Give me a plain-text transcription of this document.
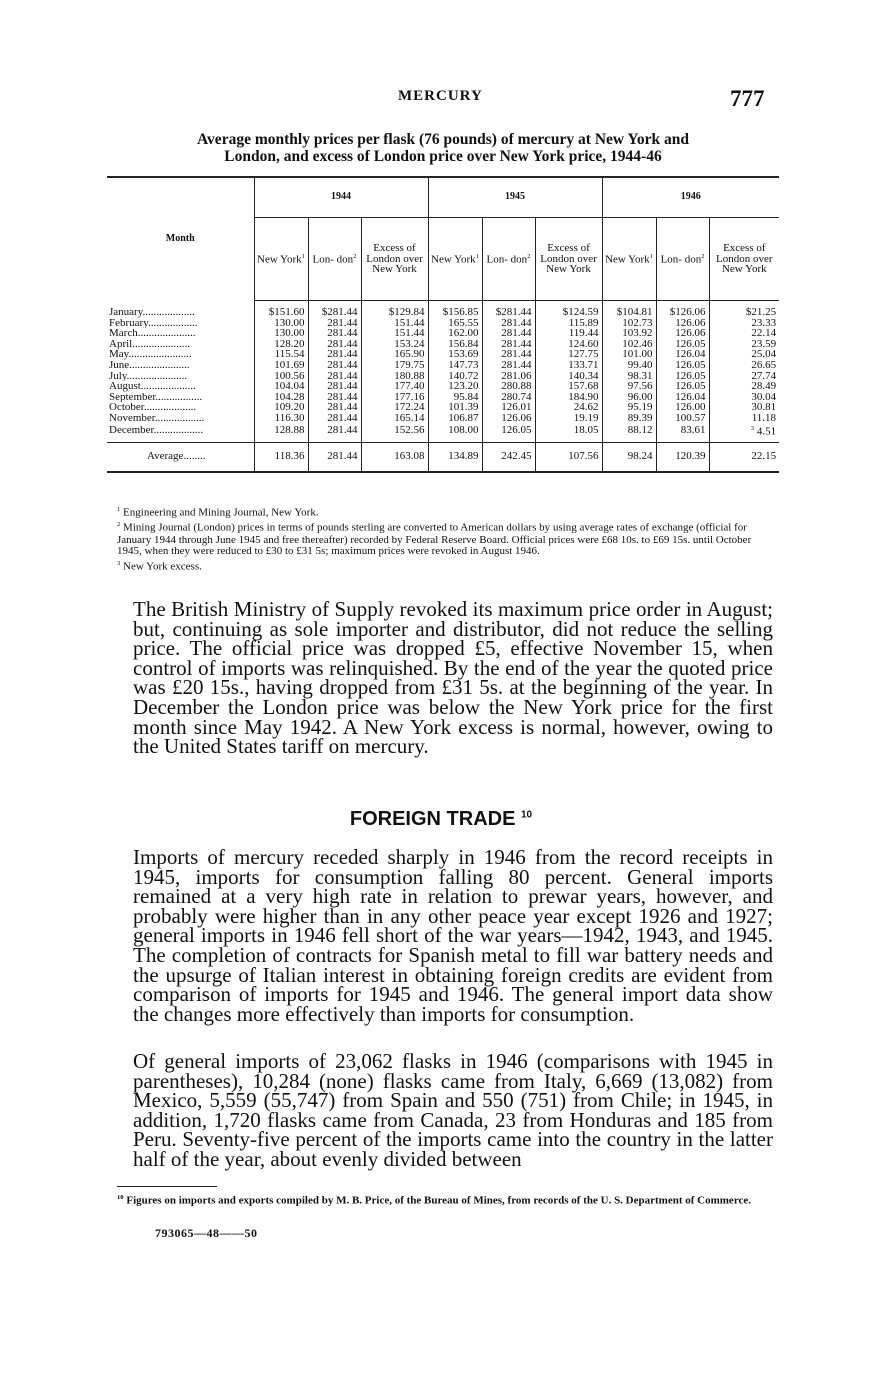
MERCURY	777
Average monthly prices per flask (76 pounds) of mercury at New York and
London, and excess of London price over New York price, 1944-46
Month	1944			1945			1946		
	New York$^1$	Lon- don$^2$	Excess of London over New York	New York$^1$	Lon- don$^2$	Excess of London over New York	New York$^1$	Lon- don$^2$	Excess of London over New York
January...................	$151.60	$281.44	$129.84	$156.85	$281.44	$124.59	$104.81	$126.06	$21.25
February..................	130.00	281.44	151.44	165.55	281.44	115.89	102.73	126.06	23.33
March.....................	130.00	281.44	151.44	162.00	281.44	119.44	103.92	126.06	22.14
April.....................	128.20	281.44	153.24	156.84	281.44	124.60	102.46	126.05	23.59
May.......................	115.54	281.44	165.90	153.69	281.44	127.75	101.00	126.04	25.04
June......................	101.69	281.44	179.75	147.73	281.44	133.71	99.40	126.05	26.65
July......................	100.56	281.44	180.88	140.72	281.06	140.34	98.31	126.05	27.74
August....................	104.04	281.44	177.40	123.20	280.88	157.68	97.56	126.05	28.49
September.................	104.28	281.44	177.16	95.84	280.74	184.90	96.00	126.04	30.04
October...................	109.20	281.44	172.24	101.39	126.01	24.62	95.19	126.00	30.81
November..................	116.30	281.44	165.14	106.87	126.06	19.19	89.39	100.57	11.18
December..................	128.88	281.44	152.56	108.00	126.05	18.05	88.12	83.61	$^3$ 4.51
Average........	118.36	281.44	163.08	134.89	242.45	107.56	98.24	120.39	22.15

$^1$ Engineering and Mining Journal, New York.

$^2$ Mining Journal (London) prices in terms of pounds sterling are converted to American dollars by using average rates of exchange (official for January 1944 through June 1945 and free thereafter) recorded by Federal Reserve Board. Official prices were £68 10s. to £69 15s. until October 1945, when they were reduced to £30 to £31 5s; maximum prices were revoked in August 1946.

$^3$ New York excess.

The British Ministry of Supply revoked its maximum price order in August; but, continuing as sole importer and distributor, did not reduce the selling price. The official price was dropped £5, effective November 15, when control of imports was relinquished. By the end of the year the quoted price was £20 15s., having dropped from £31 5s. at the beginning of the year. In December the London price was below the New York price for the first month since May 1942. A New York excess is normal, however, owing to the United States tariff on mercury.

FOREIGN TRADE $^{10}$

Imports of mercury receded sharply in 1946 from the record receipts in 1945, imports for consumption falling 80 percent. General imports remained at a very high rate in relation to prewar years, however, and probably were higher than in any other peace year except 1926 and 1927; general imports in 1946 fell short of the war years—1942, 1943, and 1945. The completion of contracts for Spanish metal to fill war battery needs and the upsurge of Italian interest in obtaining foreign credits are evident from comparison of imports for 1945 and 1946. The general import data show the changes more effectively than imports for consumption.

Of general imports of 23,062 flasks in 1946 (comparisons with 1945 in parentheses), 10,284 (none) flasks came from Italy, 6,669 (13,082) from Mexico, 5,559 (55,747) from Spain and 550 (751) from Chile; in 1945, in addition, 1,720 flasks came from Canada, 23 from Honduras and 185 from Peru. Seventy-five percent of the imports came into the country in the latter half of the year, about evenly divided between

$^{10}$ Figures on imports and exports compiled by M. B. Price, of the Bureau of Mines, from records of the U. S. Department of Commerce.
793065—48——50
